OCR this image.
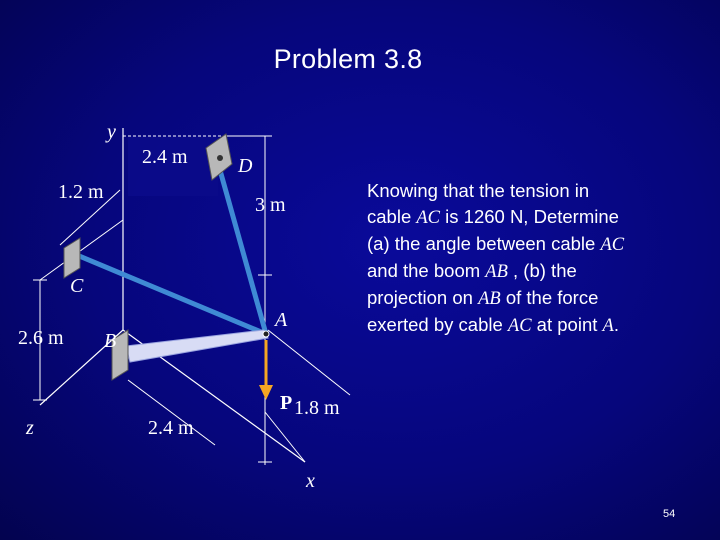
Problem 3.8
y
z
x
D
C
B
A
P
2.4 m
1.2 m
3 m
2.6 m
2.4 m
1.8 m
Knowing that the tension in
cable AC is 1260 N, Determine
(a) the angle between cable AC
and the boom AB , (b) the
projection on AB of the force
exerted by cable AC at point A.
54
